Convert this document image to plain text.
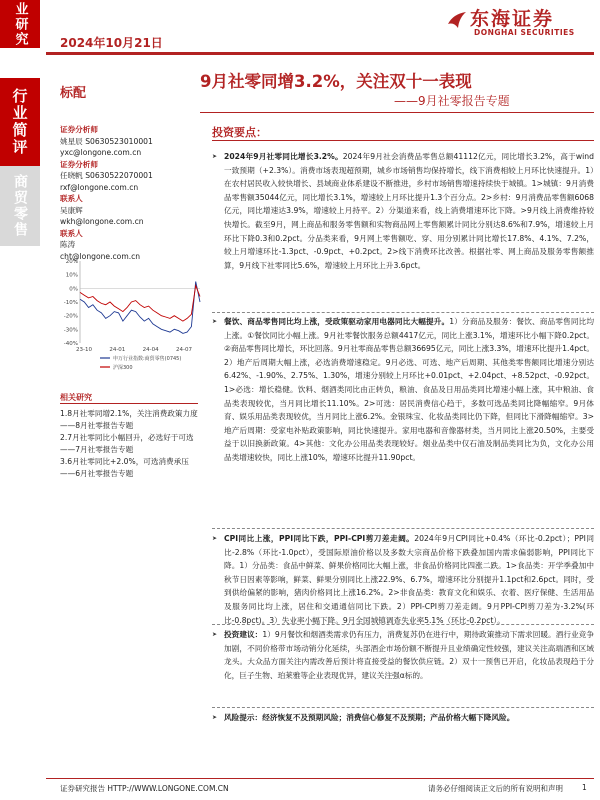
业研究
行业简评
商贸零售
东海证券
DONGHAI SECURITIES
2024年10月21日
标配
9月社零同增3.2%，关注双十一表现
——9月社零报告专题
证券分析师
姚星辰 S0630523010001
yxc@longone.com.cn
证券分析师
任晓帆 S0630522070001
rxf@longone.com.cn
联系人
吴康辉
wkh@longone.com.cn
联系人
陈涛
cht@longone.com.cn
20%
10%
0%
-10%
-20%
-30%
-40%
23-10	24-01	24-04	24-07
申万行业指数:商贸零售(0745)
沪深300
相关研究
1.8月社零同增2.1%，关注消费政策力度——8月社零报告专题
2.7月社零同比小幅回升，必选好于可选——7月社零报告专题
3.6月社零同比+2.0%，可选消费承压——6月社零报告专题
投资要点：
➤ 2024年9月社零同比增长3.2%。2024年9月社会消费品零售总额41112亿元，同比增长3.2%，高于wind一致预期（+2.3%）。消费市场表现超预期，城乡市场销售均保持增长，线下消费相较上月环比快速提升。1）在农村居民收入较快增长、县域商业体系建设不断推进，乡村市场销售增速持续快于城镇。1>城镇：9月消费品零售额35044亿元，同比增长3.1%，增速较上月环比提升1.3个百分点。2>乡村：9月消费品零售额6068亿元，同比增速达3.9%，增速较上月持平。2）分渠道来看，线上消费增速环比下降。>9月线上消费维持较快增长。截至9月，网上商品和服务零售额和实物商品网上零售额累计同比分别达8.6%和7.9%，增速较上月环比下降0.3和0.2pct。分品类来看，9月网上零售额吃、穿、用分别累计同比增长17.8%、4.1%、7.2%，较上月增速环比-1.3pct、-0.9pct、+0.2pct。2>线下消费环比改善。根据社零、网上商品及服务零售额推算，9月线下社零同比5.6%，增速较上月环比上升3.6pct。
➤ 餐饮、商品零售同比均上涨，受政策驱动家用电器同比大幅提升。1）分商品及服务：餐饮、商品零售同比均上涨。①餐饮同比小幅上涨。9月社零餐饮服务总额4417亿元，同比上涨3.1%，增速环比小幅下降0.2pct。②商品零售同比增长，环比回落。9月社零商品零售总额36695亿元，同比上涨3.3%，增速环比提升1.4pct。2）地产后周期大幅上涨，必选消费增速稳定。9月必选、可选、地产后周期、其他类零售额同比增速分别达6.42%、-1.90%、2.75%、1.30%，增速分别较上月环比+0.01pct、+2.04pct、+8.52pct、-0.92pct。1>必选：增长稳健。饮料、烟酒类同比由正转负，粮油、食品及日用品类同比增速小幅上涨，其中粮油、食品类表现较优，当月同比增长11.10%。2>可选：居民消费信心趋于，多数可选品类同比降幅缩窄。9月体育、娱乐用品类表现较优，当月同比上涨6.2%。金银珠宝、化妆品类同比仍下降，但同比下滑降幅缩窄。3>地产后周期：受家电补贴政策影响，同比快速提升。家用电器和音像器材类，当月同比上涨20.50%，主要受益于以旧换新政策。4>其他：文化办公用品类表现较好。烟业品类中仅石油及制品类同比为负，文化办公用品类增速较快，同比上涨10%，增速环比提升11.90pct。
➤ CPI同比上涨，PPI同比下跌，PPI-CPI剪刀差走阔。2024年9月CPI同比+0.4%（环比-0.2pct）；PPI同比-2.8%（环比-1.0pct），受国际原油价格以及多数大宗商品价格下跌叠加国内需求偏弱影响，PPI同比下降。1）分品类：食品中鲜菜、鲜果价格同比大幅上涨，非食品价格同比四涨二跌。1>食品类：开学季叠加中秋节日因素等影响，鲜菜、鲜果分别同比上涨22.9%、6.7%，增速环比分别提升1.1pct和2.6pct。同时，受到供给偏紧的影响，猪肉价格同比上涨16.2%。2>非食品类：教育文化和娱乐、衣着、医疗保健、生活用品及服务同比均上涨，居住和交通通信同比下跌。2）PPI-CPI剪刀差走阔。9月PPI-CPI剪刀差为-3.2%(环比-0.8pct)。3）失业率小幅下降。9月全国城镇调查失业率5.1%（环比-0.2pct）。
➤ 投资建议：1）9月餐饮和烟酒类需求仍有压力，消费复苏仍在进行中，期待政策推动下需求回暖。酒行业竞争加剧，不同价格带市场动销分化延续，头部酒企市场份额不断提升且业绩确定性较强，建议关注高端酒和区域龙头。大众品方面关注内需改善后预计将直接受益的餐饮供应链。2）双十一预售已开启，化妆品表现趋于分化，巨子生物、珀莱雅等企业表现优异，建议关注强α标的。
➤ 风险提示：经济恢复不及预期风险；消费信心修复不及预期；产品价格大幅下降风险。
证券研究报告 HTTP://WWW.LONGONE.COM.CN	请务必仔细阅读正文后的所有说明和声明	1
